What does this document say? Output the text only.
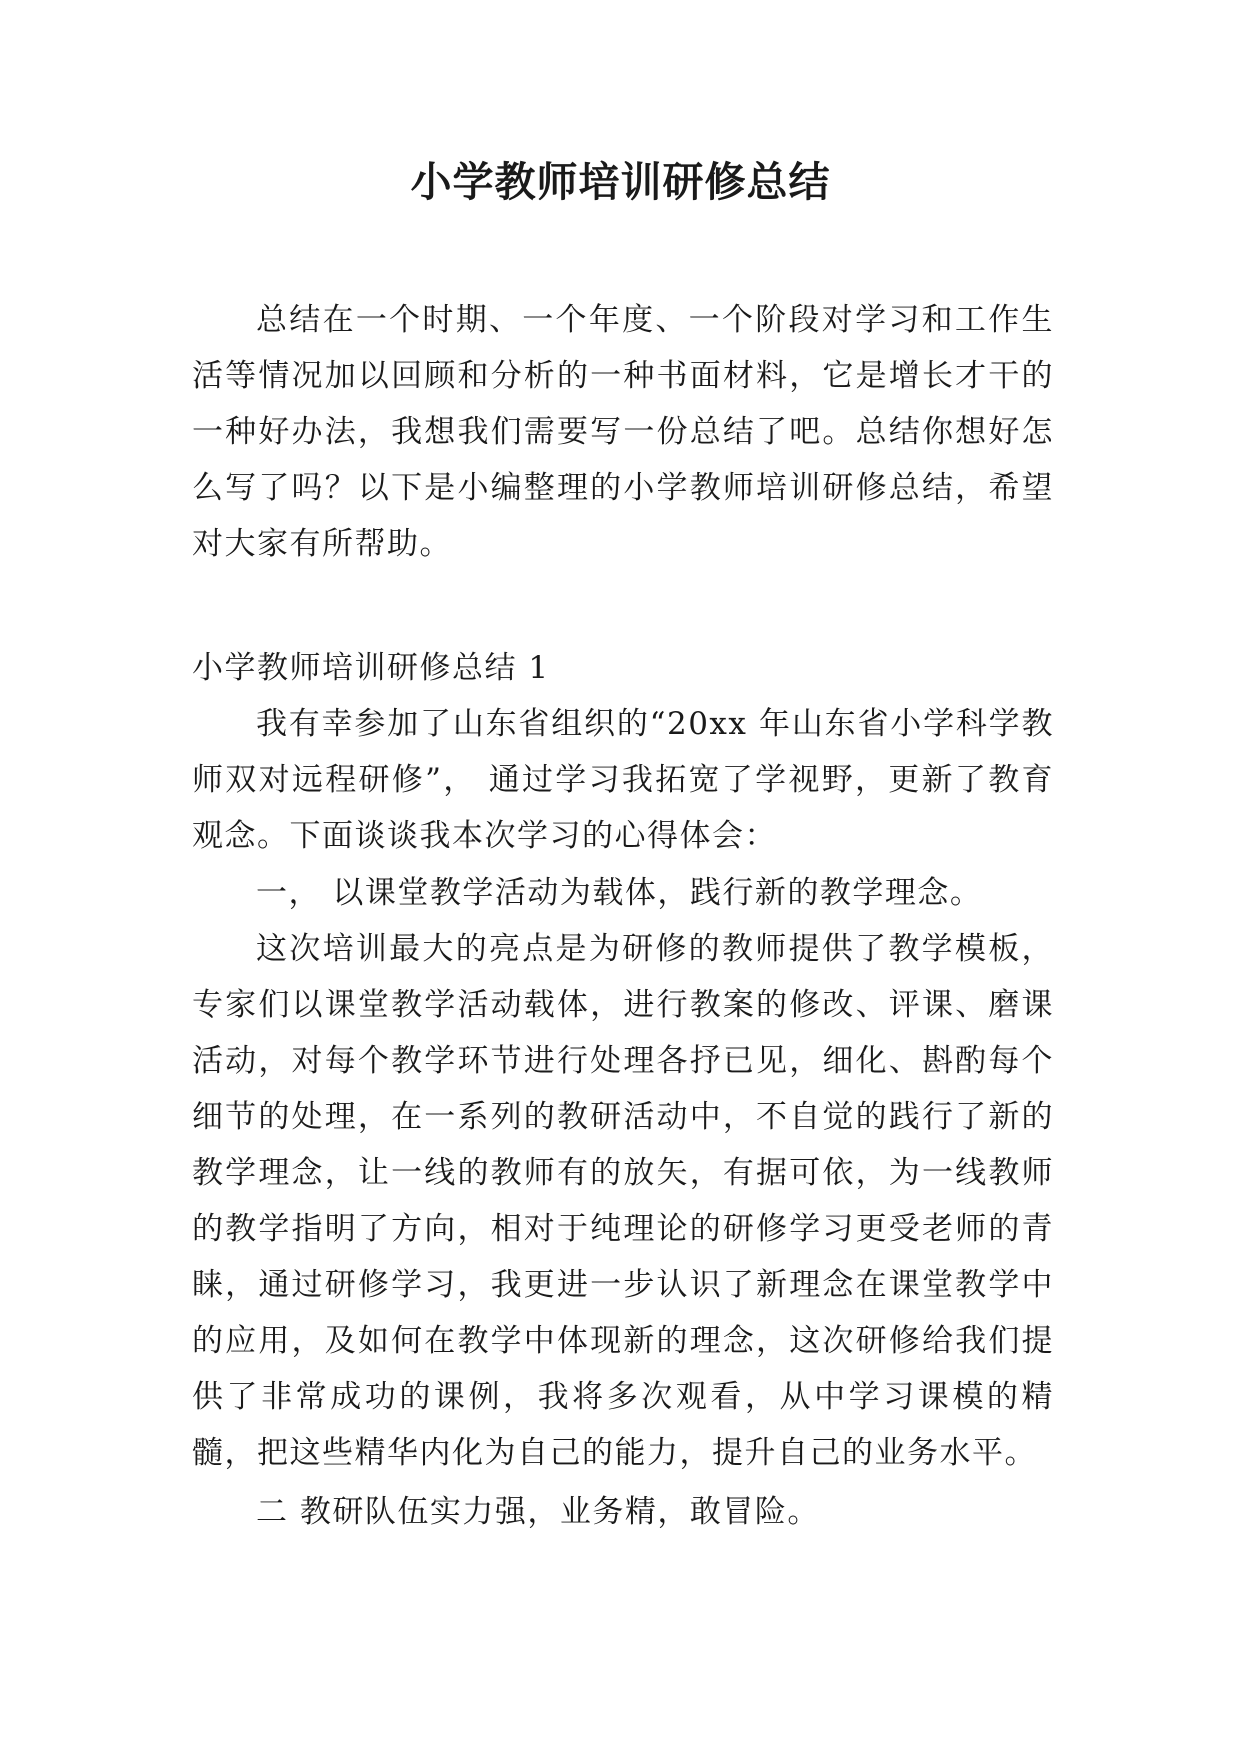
小学教师培训研修总结

总结在一个时期、一个年度、一个阶段对学习和工作生活等情况加以回顾和分析的一种书面材料，它是增长才干的一种好办法，我想我们需要写一份总结了吧。总结你想好怎么写了吗？以下是小编整理的小学教师培训研修总结，希望对大家有所帮助。

小学教师培训研修总结 1

我有幸参加了山东省组织的“20xx 年山东省小学科学教师双对远程研修”， 通过学习我拓宽了学视野，更新了教育观念。下面谈谈我本次学习的心得体会：

一， 以课堂教学活动为载体，践行新的教学理念。

这次培训最大的亮点是为研修的教师提供了教学模板，专家们以课堂教学活动载体，进行教案的修改、评课、磨课活动，对每个教学环节进行处理各抒已见，细化、斟酌每个细节的处理，在一系列的教研活动中，不自觉的践行了新的教学理念，让一线的教师有的放矢，有据可依，为一线教师的教学指明了方向，相对于纯理论的研修学习更受老师的青睐，通过研修学习，我更进一步认识了新理念在课堂教学中的应用，及如何在教学中体现新的理念，这次研修给我们提供了非常成功的课例，我将多次观看，从中学习课模的精髓，把这些精华内化为自己的能力，提升自己的业务水平。

二 教研队伍实力强，业务精，敢冒险。
